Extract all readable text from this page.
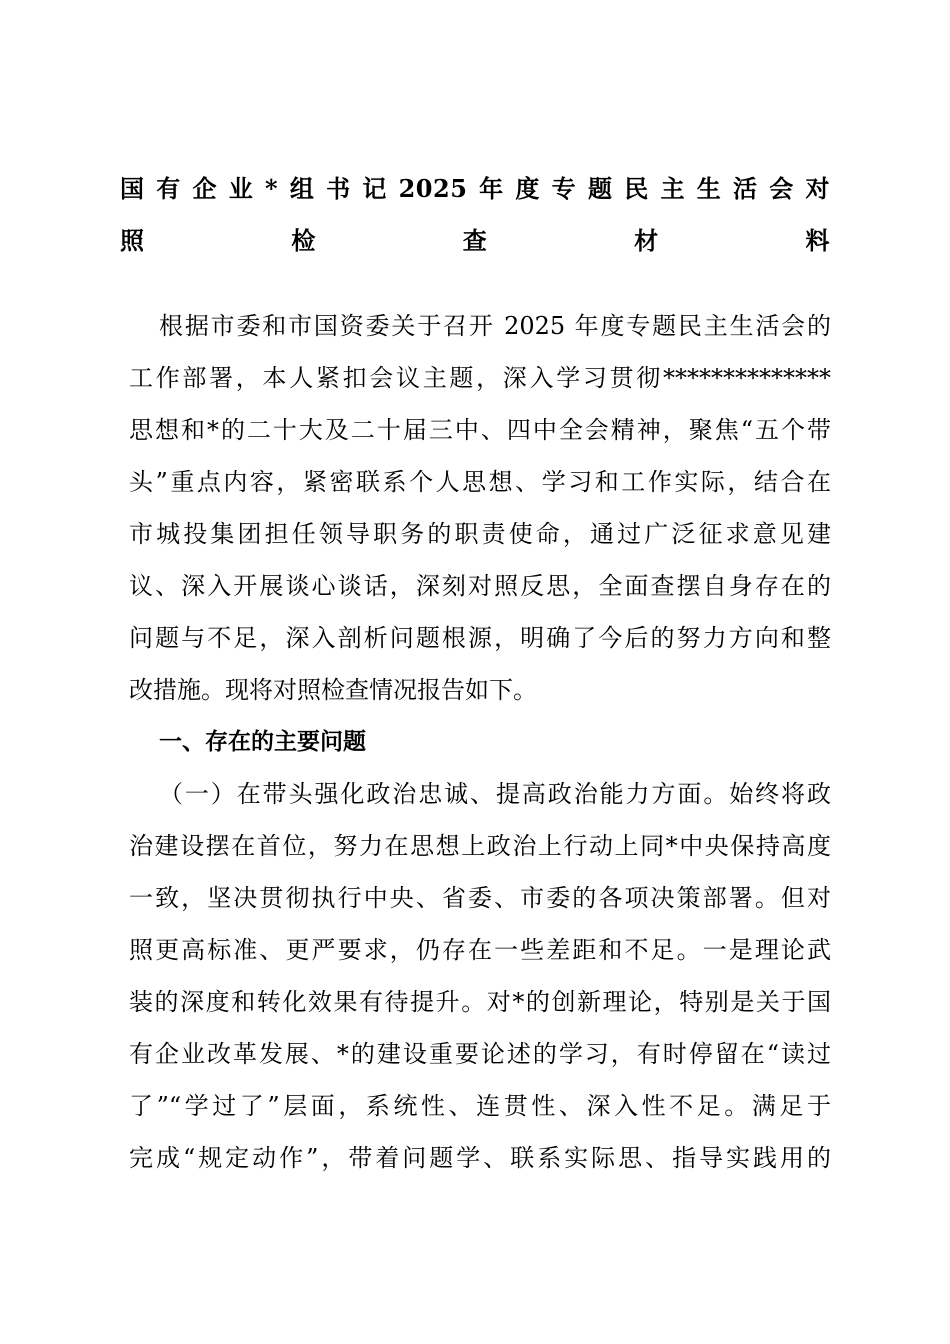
国有企业*组书记2025年度专题民主生活会对
照检查材料
根据市委和市国资委关于召开 2025 年度专题民主生活会的
工作部署，本人紧扣会议主题，深入学习贯彻**************
思想和*的二十大及二十届三中、四中全会精神，聚焦“五个带
头”重点内容，紧密联系个人思想、学习和工作实际，结合在
市城投集团担任领导职务的职责使命，通过广泛征求意见建
议、深入开展谈心谈话，深刻对照反思，全面查摆自身存在的
问题与不足，深入剖析问题根源，明确了今后的努力方向和整
改措施。现将对照检查情况报告如下。
一、存在的主要问题
（一）在带头强化政治忠诚、提高政治能力方面。始终将政
治建设摆在首位，努力在思想上政治上行动上同*中央保持高度
一致，坚决贯彻执行中央、省委、市委的各项决策部署。但对
照更高标准、更严要求，仍存在一些差距和不足。一是理论武
装的深度和转化效果有待提升。对*的创新理论，特别是关于国
有企业改革发展、*的建设重要论述的学习，有时停留在“读过
了”“学过了”层面，系统性、连贯性、深入性不足。满足于
完成“规定动作”，带着问题学、联系实际思、指导实践用的
